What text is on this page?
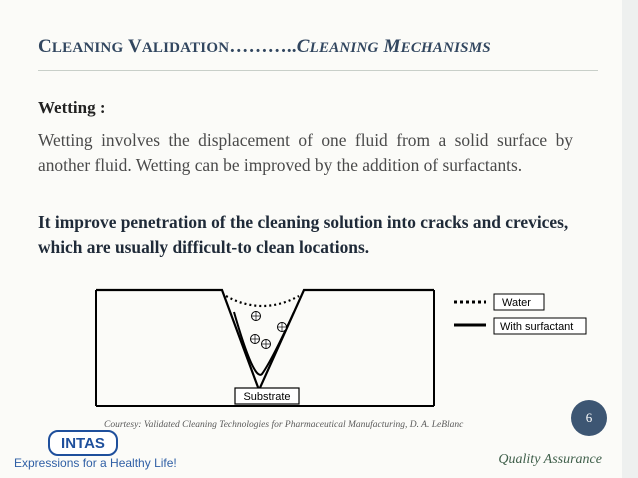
CLEANING VALIDATION………..CLEANING MECHANISMS
Wetting :
Wetting involves the displacement of one fluid from a solid surface by another fluid. Wetting can be improved by the addition of surfactants.
It improve penetration of the cleaning solution into cracks and crevices, which are usually difficult-to clean locations.
Substrate
Water
With surfactant
Courtesy: Validated Cleaning Technologies for Pharmaceutical Manufacturing, D. A. LeBlanc	6
INTAS
Expressions for a Healthy Life!	Quality Assurance
